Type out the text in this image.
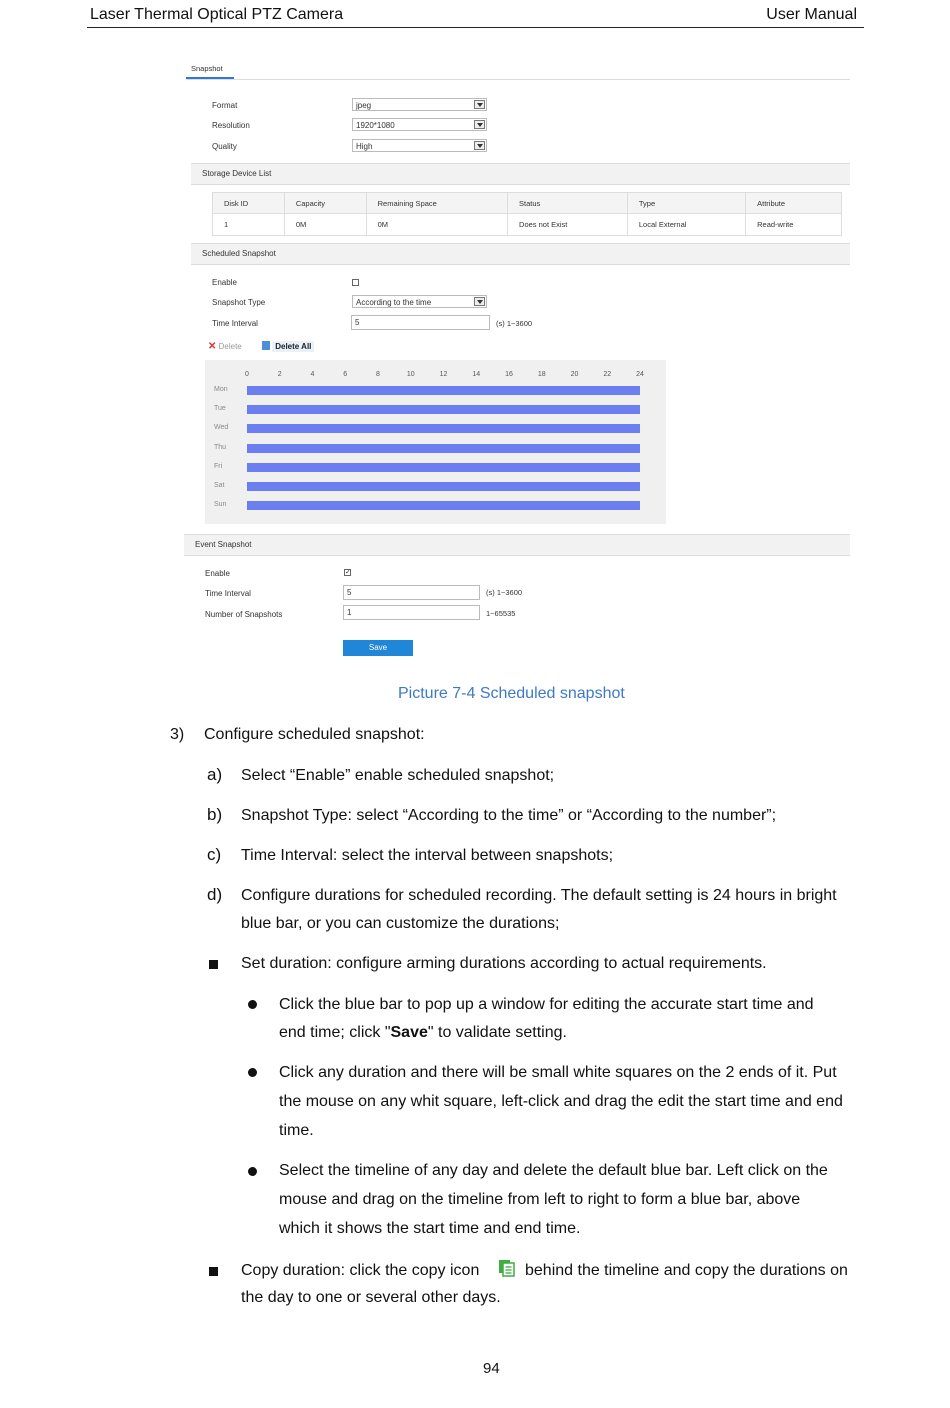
Laser Thermal Optical PTZ Camera	User Manual
Snapshot
Format	jpeg
Resolution	1920*1080
Quality	High
Storage Device List
Disk ID	Capacity	Remaining Space	Status	Type	Attribute
1	0M	0M	Does not Exist	Local External	Read-write
Scheduled Snapshot
Enable
Snapshot Type	According to the time
Time Interval	5	(s) 1~3600
✕ Delete	Delete All
0	2	4	6	8	10	12	14	16	18	20	22	24
Mon
Tue
Wed
Thu
Fri
Sat
Sun
Event Snapshot
Enable	✓
Time Interval	5	(s) 1~3600
Number of Snapshots	1	1~65535
Save
Picture 7-4 Scheduled snapshot
3) Configure scheduled snapshot:
a) Select “Enable” enable scheduled snapshot;
b) Snapshot Type: select “According to the time” or “According to the number”;
c) Time Interval: select the interval between snapshots;
d) Configure durations for scheduled recording. The default setting is 24 hours in bright
blue bar, or you can customize the durations;
Set duration: configure arming durations according to actual requirements.
Click the blue bar to pop up a window for editing the accurate start time and
end time; click "Save" to validate setting.
Click any duration and there will be small white squares on the 2 ends of it. Put
the mouse on any whit square, left-click and drag the edit the start time and end
time.
Select the timeline of any day and delete the default blue bar. Left click on the
mouse and drag on the timeline from left to right to form a blue bar, above
which it shows the start time and end time.
Copy duration: click the copy icon	behind the timeline and copy the durations on
the day to one or several other days.
94
